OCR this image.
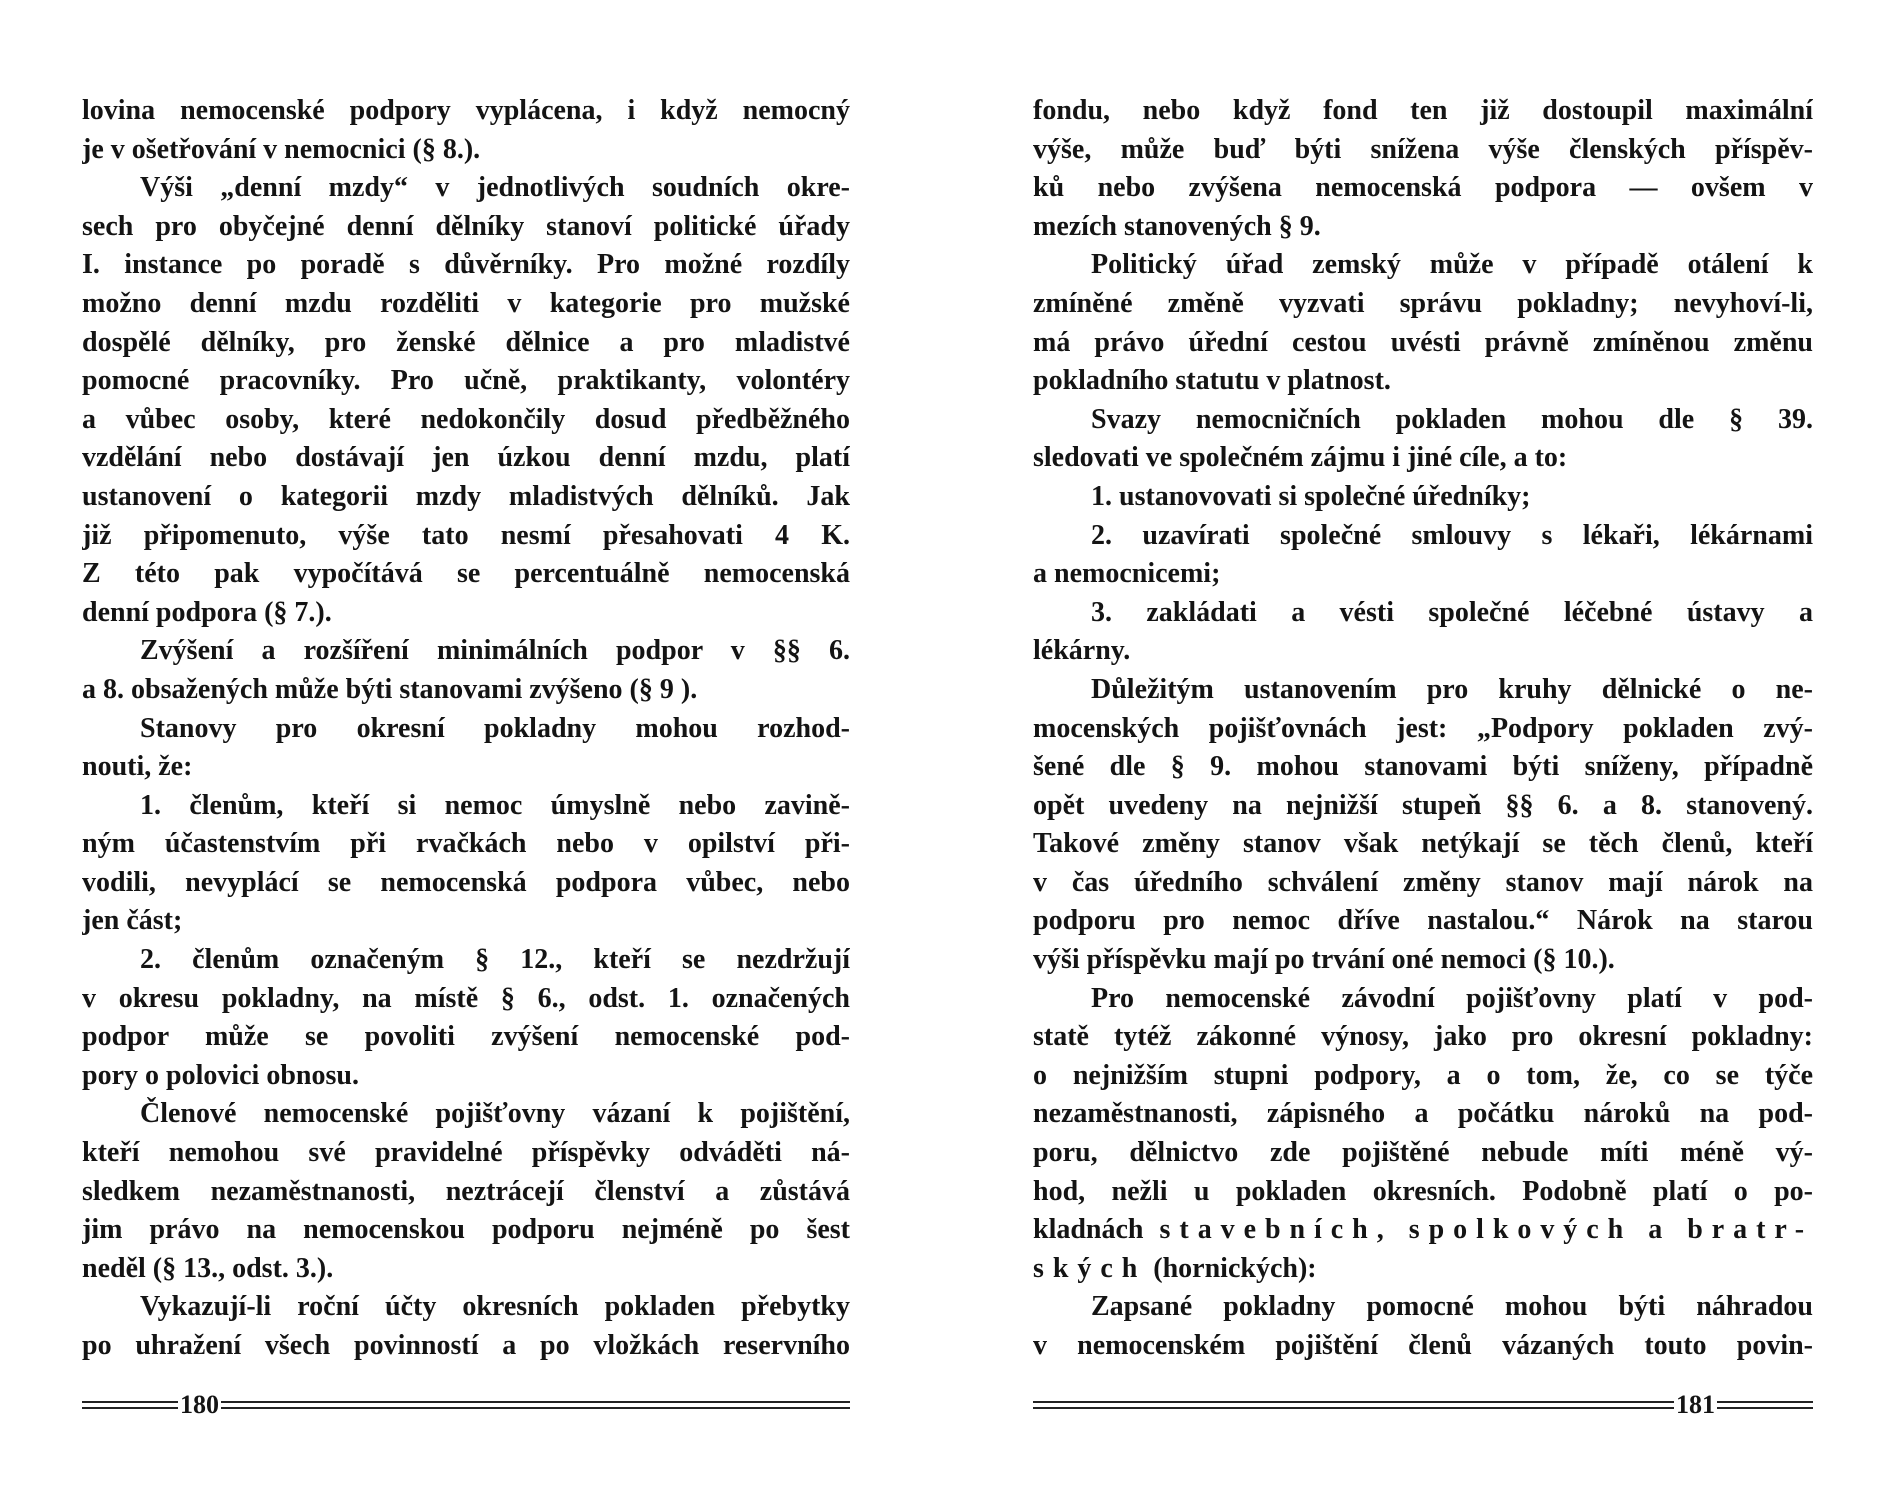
lovina nemocenské podpory vyplácena, i když nemocný
je v ošetřování v nemocnici (§ 8.).
Výši „denní mzdy“ v jednotlivých soudních okre-
sech pro obyčejné denní dělníky stanoví politické úřady
I. instance po poradě s důvěrníky. Pro možné rozdíly
možno denní mzdu rozděliti v kategorie pro mužské
dospělé dělníky, pro ženské dělnice a pro mladistvé
pomocné pracovníky. Pro učně, praktikanty, volontéry
a vůbec osoby, které nedokončily dosud předběžného
vzdělání nebo dostávají jen úzkou denní mzdu, platí
ustanovení o kategorii mzdy mladistvých dělníků. Jak
již připomenuto, výše tato nesmí přesahovati 4 K.
Z této pak vypočítává se percentuálně nemocenská
denní podpora (§ 7.).
Zvýšení a rozšíření minimálních podpor v §§ 6.
a 8. obsažených může býti stanovami zvýšeno (§ 9 ).
Stanovy pro okresní pokladny mohou rozhod-
nouti, že:
1. členům, kteří si nemoc úmyslně nebo zavině-
ným účastenstvím při rvačkách nebo v opilství při-
vodili, nevyplácí se nemocenská podpora vůbec, nebo
jen část;
2. členům označeným § 12., kteří se nezdržují
v okresu pokladny, na místě § 6., odst. 1. označených
podpor může se povoliti zvýšení nemocenské pod-
pory o polovici obnosu.
Členové nemocenské pojišťovny vázaní k pojištění,
kteří nemohou své pravidelné příspěvky odváděti ná-
sledkem nezaměstnanosti, neztrácejí členství a zůstává
jim právo na nemocenskou podporu nejméně po šest
neděl (§ 13., odst. 3.).
Vykazují-li roční účty okresních pokladen přebytky
po uhražení všech povinností a po vložkách reservního
180
fondu, nebo když fond ten již dostoupil maximální
výše, může buď býti snížena výše členských příspěv-
ků nebo zvýšena nemocenská podpora — ovšem v
mezích stanovených § 9.
Politický úřad zemský může v případě otálení k
zmíněné změně vyzvati správu pokladny; nevyhoví-li,
má právo úřední cestou uvésti právně zmíněnou změnu
pokladního statutu v platnost.
Svazy nemocničních pokladen mohou dle § 39.
sledovati ve společném zájmu i jiné cíle, a to:
1. ustanovovati si společné úředníky;
2. uzavírati společné smlouvy s lékaři, lékárnami
a nemocnicemi;
3. zakládati a vésti společné léčebné ústavy a
lékárny.
Důležitým ustanovením pro kruhy dělnické o ne-
mocenských pojišťovnách jest: „Podpory pokladen zvý-
šené dle § 9. mohou stanovami býti sníženy, případně
opět uvedeny na nejnižší stupeň §§ 6. a 8. stanovený.
Takové změny stanov však netýkají se těch členů, kteří
v čas úředního schválení změny stanov mají nárok na
podporu pro nemoc dříve nastalou.“ Nárok na starou
výši příspěvku mají po trvání oné nemoci (§ 10.).
Pro nemocenské závodní pojišťovny platí v pod-
statě tytéž zákonné výnosy, jako pro okresní pokladny:
o nejnižším stupni podpory, a o tom, že, co se týče
nezaměstnanosti, zápisného a počátku nároků na pod-
poru, dělnictvo zde pojištěné nebude míti méně vý-
hod, nežli u pokladen okresních. Podobně platí o po-
kladnách stavebních, spolkových a bratr-
ských (hornických):
Zapsané pokladny pomocné mohou býti náhradou
v nemocenském pojištění členů vázaných touto povin-
181
